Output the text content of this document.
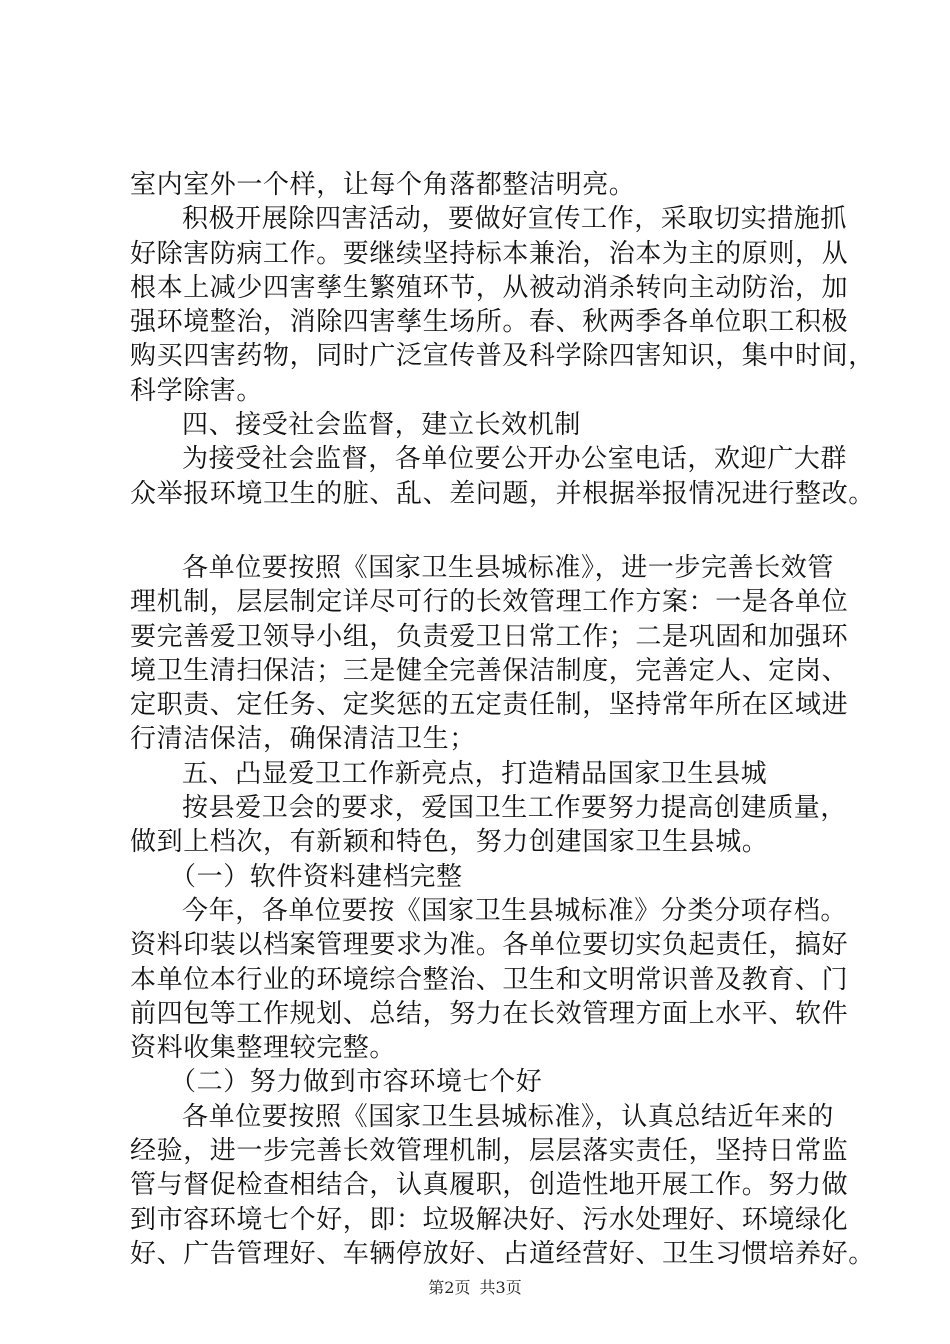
室内室外一个样，让每个角落都整洁明亮。
积极开展除四害活动，要做好宣传工作，采取切实措施抓
好除害防病工作。要继续坚持标本兼治，治本为主的原则，从
根本上减少四害孳生繁殖环节，从被动消杀转向主动防治，加
强环境整治，消除四害孳生场所。春、秋两季各单位职工积极
购买四害药物，同时广泛宣传普及科学除四害知识，集中时间，
科学除害。
四、接受社会监督，建立长效机制
为接受社会监督，各单位要公开办公室电话，欢迎广大群
众举报环境卫生的脏、乱、差问题，并根据举报情况进行整改。
各单位要按照《国家卫生县城标准》，进一步完善长效管
理机制，层层制定详尽可行的长效管理工作方案：一是各单位
要完善爱卫领导小组，负责爱卫日常工作；二是巩固和加强环
境卫生清扫保洁；三是健全完善保洁制度，完善定人、定岗、
定职责、定任务、定奖惩的五定责任制，坚持常年所在区域进
行清洁保洁，确保清洁卫生；
五、凸显爱卫工作新亮点，打造精品国家卫生县城
按县爱卫会的要求，爱国卫生工作要努力提高创建质量，
做到上档次，有新颖和特色，努力创建国家卫生县城。
（一）软件资料建档完整
今年，各单位要按《国家卫生县城标准》分类分项存档。
资料印装以档案管理要求为准。各单位要切实负起责任，搞好
本单位本行业的环境综合整治、卫生和文明常识普及教育、门
前四包等工作规划、总结，努力在长效管理方面上水平、软件
资料收集整理较完整。
（二）努力做到市容环境七个好
各单位要按照《国家卫生县城标准》，认真总结近年来的
经验，进一步完善长效管理机制，层层落实责任，坚持日常监
管与督促检查相结合，认真履职，创造性地开展工作。努力做
到市容环境七个好，即：垃圾解决好、污水处理好、环境绿化
好、广告管理好、车辆停放好、占道经营好、卫生习惯培养好。
第2页 共3页
